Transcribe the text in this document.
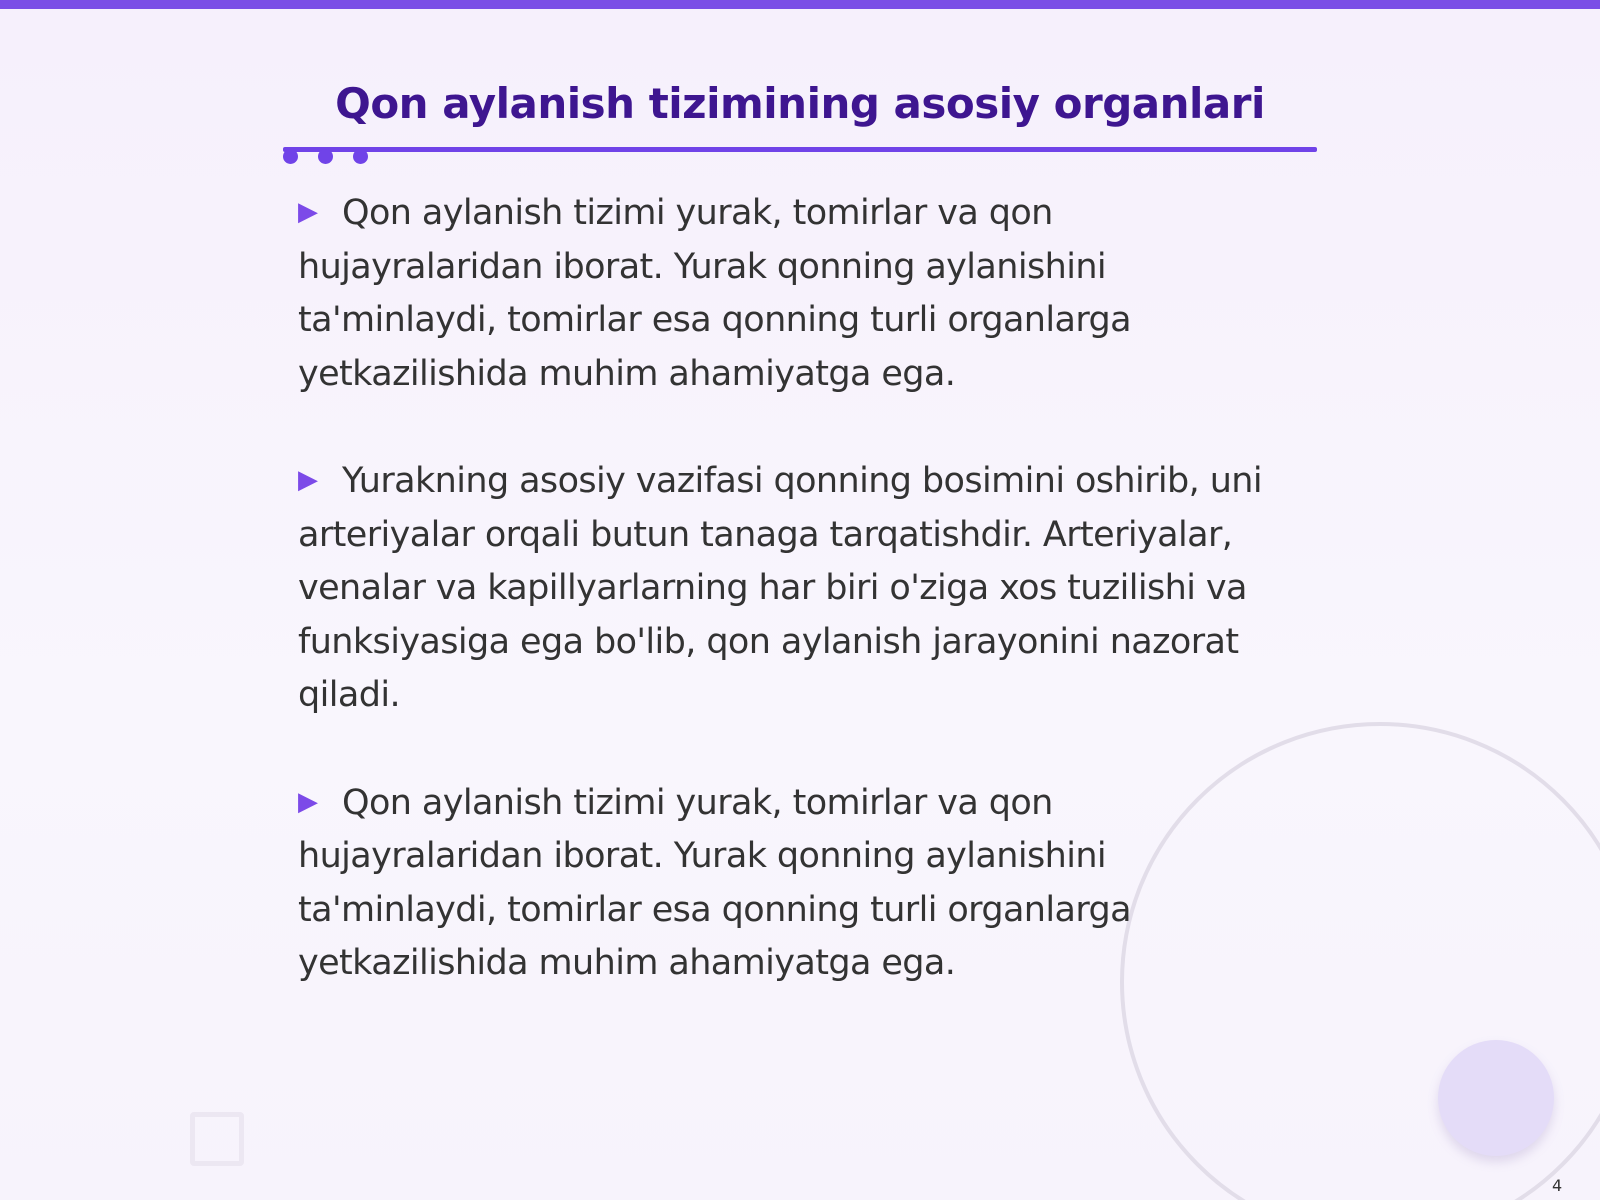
Qon aylanish tizimining asosiy organlari

▶ Qon aylanish tizimi yurak, tomirlar va qon hujayralaridan iborat. Yurak qonning aylanishini ta'minlaydi, tomirlar esa qonning turli organlarga yetkazilishida muhim ahamiyatga ega.

▶ Yurakning asosiy vazifasi qonning bosimini oshirib, uni arteriyalar orqali butun tanaga tarqatishdir. Arteriyalar, venalar va kapillyarlarning har biri o'ziga xos tuzilishi va funksiyasiga ega bo'lib, qon aylanish jarayonini nazorat qiladi.

▶ Qon aylanish tizimi yurak, tomirlar va qon hujayralaridan iborat. Yurak qonning aylanishini ta'minlaydi, tomirlar esa qonning turli organlarga yetkazilishida muhim ahamiyatga ega.

4
